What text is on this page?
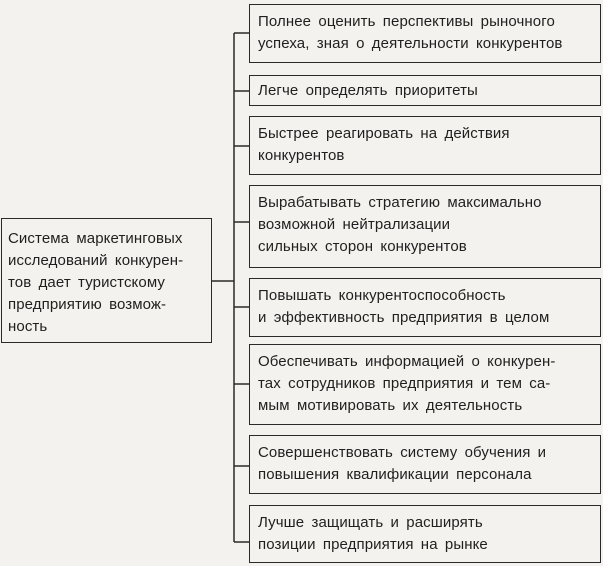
Система маркетинговых
исследований конкурен-
тов дает туристскому
предприятию возмож-
ность
Полнее оценить перспективы рыночного
успеха, зная о деятельности конкурентов
Легче определять приоритеты
Быстрее реагировать на действия
конкурентов
Вырабатывать стратегию максимально
возможной нейтрализации
сильных сторон конкурентов
Повышать конкурентоспособность
и эффективность предприятия в целом
Обеспечивать информацией о конкурен-
тах сотрудников предприятия и тем са-
мым мотивировать их деятельность
Совершенствовать систему обучения и
повышения квалификации персонала
Лучше защищать и расширять
позиции предприятия на рынке
